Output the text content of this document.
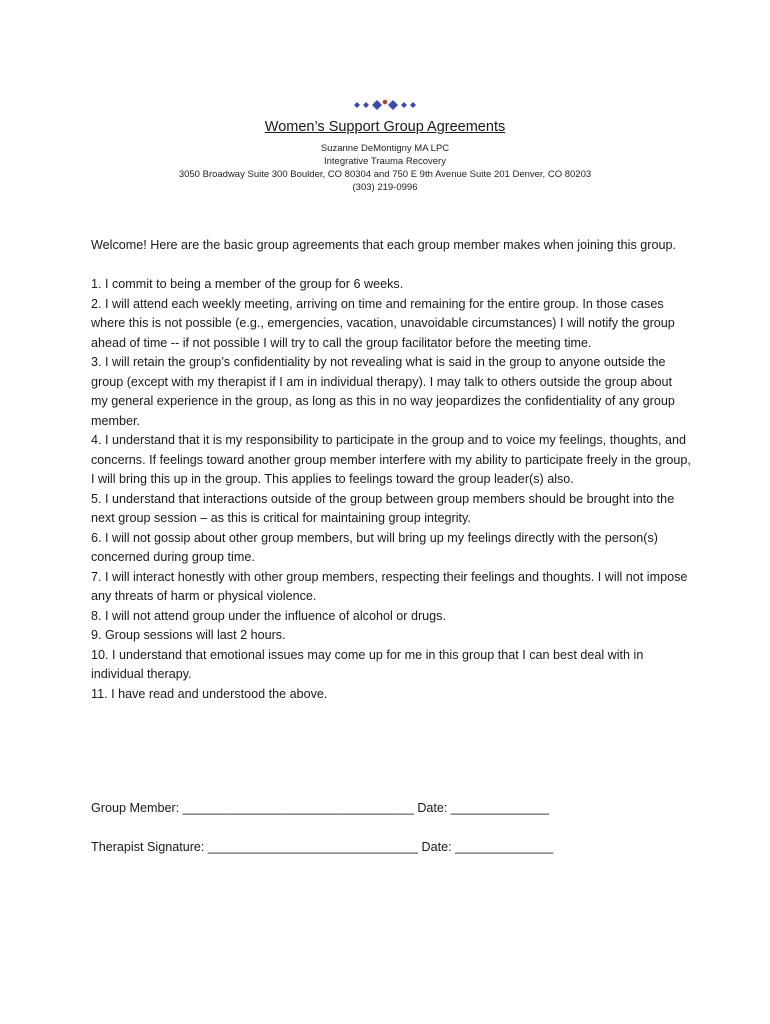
Women’s Support Group Agreements

Suzanne DeMontigny MA LPC

Integrative Trauma Recovery

3050 Broadway Suite 300 Boulder, CO 80304 and 750 E 9th Avenue Suite 201 Denver, CO 80203

(303) 219-0996

Welcome! Here are the basic group agreements that each group member makes when joining this group.

1. I commit to being a member of the group for 6 weeks.

2. I will attend each weekly meeting, arriving on time and remaining for the entire group. In those cases where this is not possible (e.g., emergencies, vacation, unavoidable circumstances) I will notify the group ahead of time -- if not possible I will try to call the group facilitator before the meeting time.

3. I will retain the group’s confidentiality by not revealing what is said in the group to anyone outside the group (except with my therapist if I am in individual therapy). I may talk to others outside the group about my general experience in the group, as long as this in no way jeopardizes the confidentiality of any group member.

4. I understand that it is my responsibility to participate in the group and to voice my feelings, thoughts, and concerns. If feelings toward another group member interfere with my ability to participate freely in the group, I will bring this up in the group. This applies to feelings toward the group leader(s) also.

5. I understand that interactions outside of the group between group members should be brought into the next group session – as this is critical for maintaining group integrity.

6. I will not gossip about other group members, but will bring up my feelings directly with the person(s) concerned during group time.

7. I will interact honestly with other group members, respecting their feelings and thoughts. I will not impose any threats of harm or physical violence.

8. I will not attend group under the influence of alcohol or drugs.

9. Group sessions will last 2 hours.

10. I understand that emotional issues may come up for me in this group that I can best deal with in individual therapy.

11. I have read and understood the above.

Group Member: _________________________________ Date: ______________
Therapist Signature: ______________________________ Date: ______________
